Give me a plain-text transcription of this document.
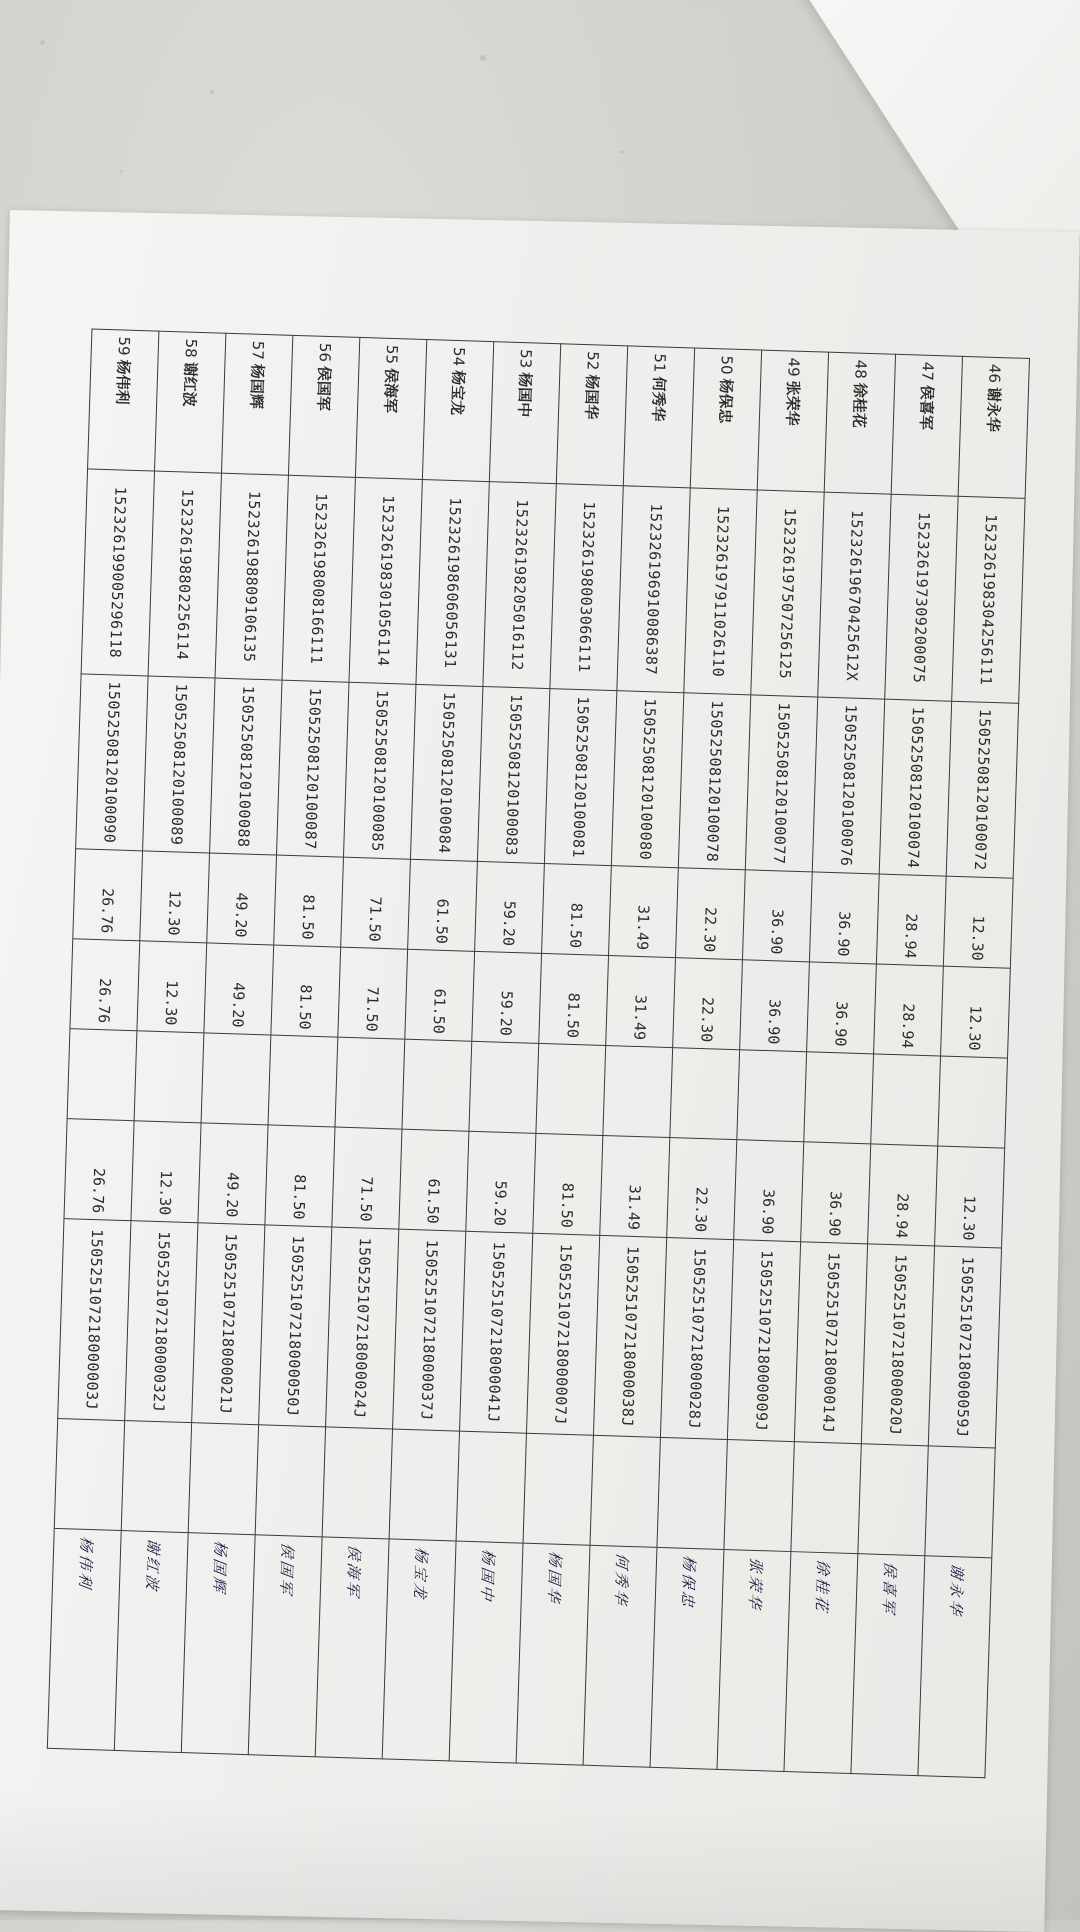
46谢永华	152326198304256111	15052508120100072	12.30	12.30		12.30	150525107218000059J		谢永华
47侯喜军	152326197309200075	15052508120100074	28.94	28.94		28.94	150525107218000020J		侯喜军
48徐桂花	15232619670425612X	15052508120100076	36.90	36.90		36.90	150525107218000014J		徐桂花
49张荣华	152326197507256125	15052508120100077	36.90	36.90		36.90	150525107218000009J		张荣华
50杨保忠	152326197911026110	15052508120100078	22.30	22.30		22.30	150525107218000028J		杨保忠
51何秀华	152326196910086387	15052508120100080	31.49	31.49		31.49	150525107218000038J		何秀华
52杨国华	152326198003066111	15052508120100081	81.50	81.50		81.50	150525107218000007J		杨国华
53杨国中	152326198205016112	15052508120100083	59.20	59.20		59.20	150525107218000041J		杨国中
54杨宝龙	152326198606056131	15052508120100084	61.50	61.50		61.50	150525107218000037J		杨宝龙
55侯海军	152326198301056114	15052508120100085	71.50	71.50		71.50	150525107218000024J		侯海军
56侯国军	152326198008166111	15052508120100087	81.50	81.50		81.50	150525107218000050J		侯国军
57杨国辉	152326198809106135	15052508120100088	49.20	49.20		49.20	150525107218000021J		杨国辉
58谢红波	152326198802256114	15052508120100089	12.30	12.30		12.30	150525107218000032J		谢红波
59杨伟利	152326199005296118	15052508120100090	26.76	26.76		26.76	150525107218000003J		杨伟利
